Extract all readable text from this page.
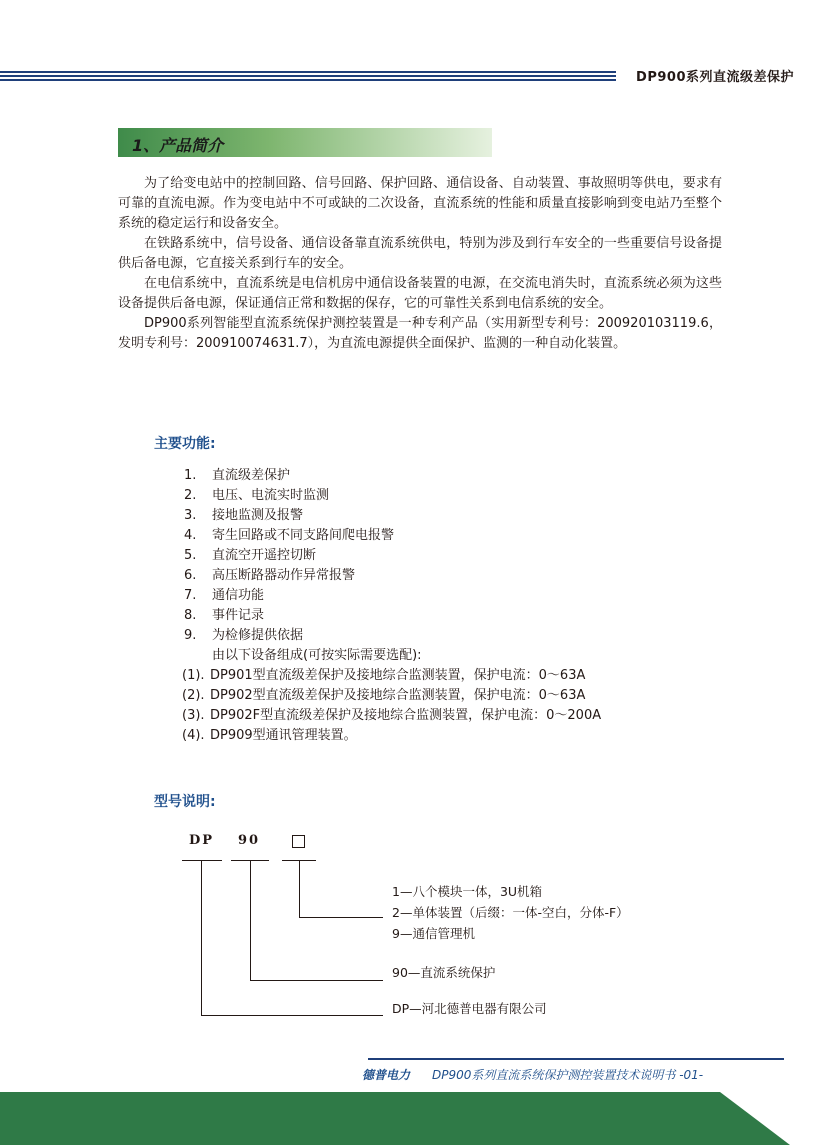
DP900系列直流级差保护
1、产品简介

为了给变电站中的控制回路、信号回路、保护回路、通信设备、自动装置、事故照明等供电，要求有可靠的直流电源。作为变电站中不可或缺的二次设备，直流系统的性能和质量直接影响到变电站乃至整个系统的稳定运行和设备安全。

在铁路系统中，信号设备、通信设备靠直流系统供电，特别为涉及到行车安全的一些重要信号设备提供后备电源，它直接关系到行车的安全。

在电信系统中，直流系统是电信机房中通信设备装置的电源，在交流电消失时，直流系统必须为这些设备提供后备电源，保证通信正常和数据的保存，它的可靠性关系到电信系统的安全。

DP900系列智能型直流系统保护测控装置是一种专利产品（实用新型专利号：200920103119.6，发明专利号：200910074631.7），为直流电源提供全面保护、监测的一种自动化装置。

主要功能:
1. 直流级差保护
2. 电压、电流实时监测
3. 接地监测及报警
4. 寄生回路或不同支路间爬电报警
5. 直流空开遥控切断
6. 高压断路器动作异常报警
7. 通信功能
8. 事件记录
9. 为检修提供依据
由以下设备组成(可按实际需要选配):
(1). DP901型直流级差保护及接地综合监测装置，保护电流：0～63A
(2). DP902型直流级差保护及接地综合监测装置，保护电流：0～63A
(3). DP902F型直流级差保护及接地综合监测装置，保护电流：0～200A
(4). DP909型通讯管理装置。
型号说明:
DP 90
1—八个模块一体，3U机箱
2—单体装置（后缀：一体-空白，分体-F）
9—通信管理机
90—直流系统保护
DP—河北德普电器有限公司
德普电力 DP900系列直流系统保护测控装置技术说明书 -01-
